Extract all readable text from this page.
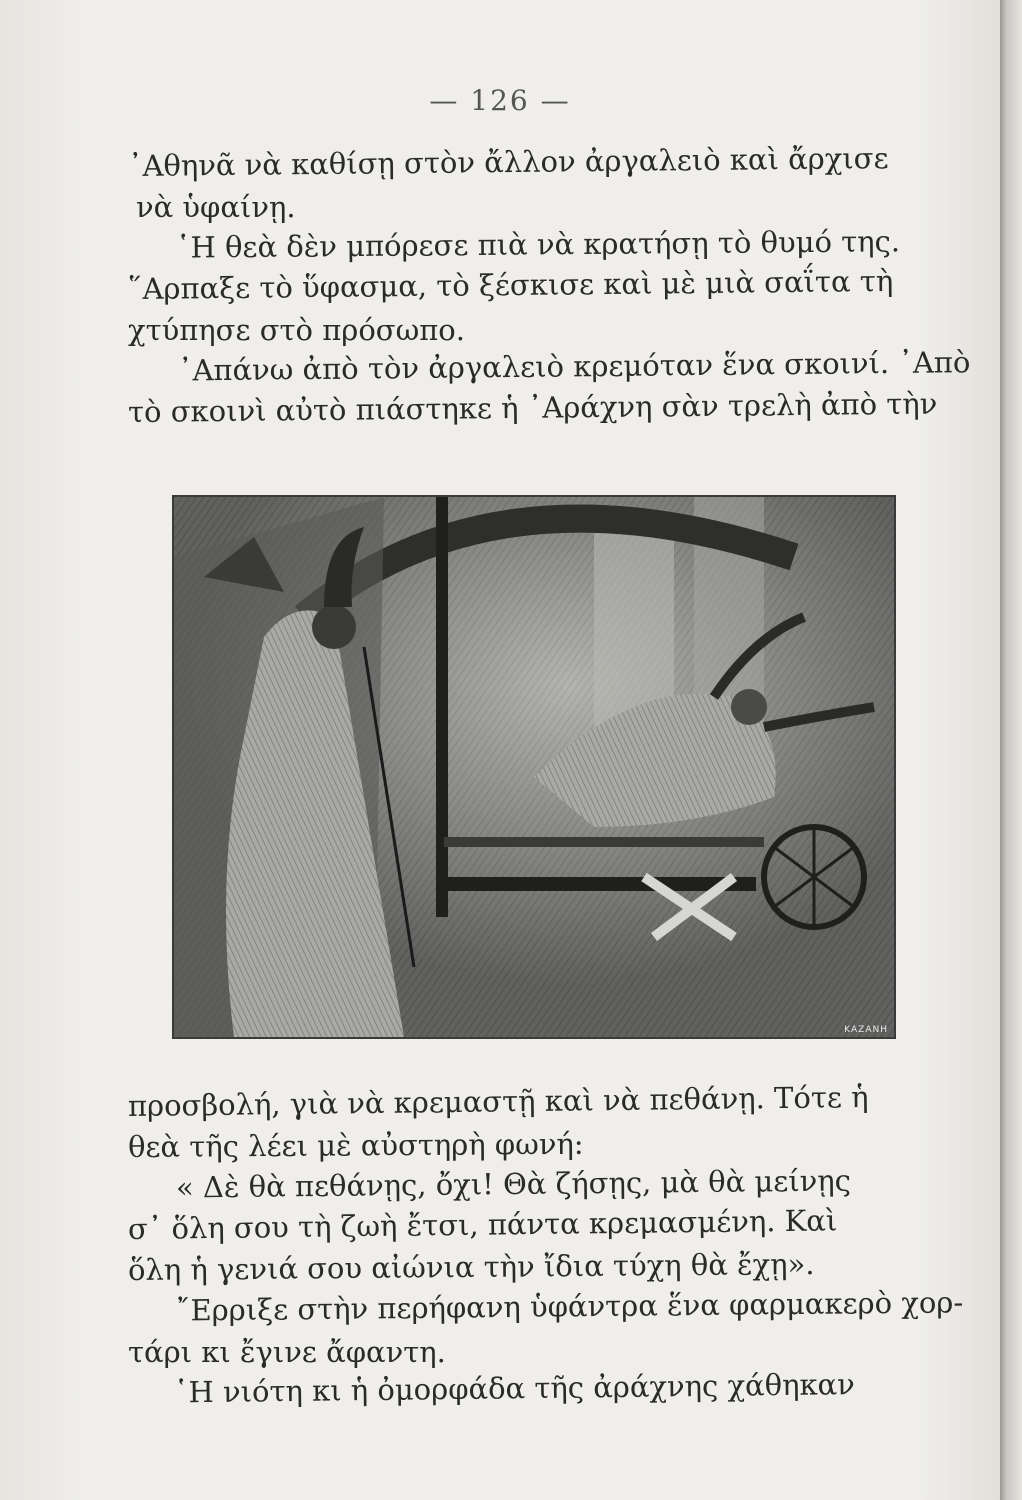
— 126 —
᾿Αθηνᾶ νὰ καθίσῃ στὸν ἄλλον ἀργαλειὸ καὶ ἄρχισε
νὰ ὑφαίνῃ.
῾Η θεὰ δὲν μπόρεσε πιὰ νὰ κρατήσῃ τὸ θυμό της.
῞Αρπαξε τὸ ὕφασμα, τὸ ξέσκισε καὶ μὲ μιὰ σαΐτα τὴ
χτύπησε στὸ πρόσωπο.
᾿Απάνω ἀπὸ τὸν ἀργαλειὸ κρεμόταν ἕνα σκοινί. ᾿Απὸ
τὸ σκοινὶ αὐτὸ πιάστηκε ἡ ᾿Αράχνη σὰν τρελὴ ἀπὸ τὴν
ΚΑΖΑΝΗ
προσβολή, γιὰ νὰ κρεμαστῇ καὶ νὰ πεθάνῃ. Τότε ἡ
θεὰ τῆς λέει μὲ αὐστηρὴ φωνή:
« Δὲ θὰ πεθάνῃς, ὄχι! Θὰ ζήσῃς, μὰ θὰ μείνῃς
σ᾿ ὅλη σου τὴ ζωὴ ἔτσι, πάντα κρεμασμένη. Καὶ
ὅλη ἡ γενιά σου αἰώνια τὴν ἴδια τύχη θὰ ἔχῃ».
῎Ερριξε στὴν περήφανη ὑφάντρα ἕνα φαρμακερὸ χορ-
τάρι κι ἔγινε ἄφαντη.
῾Η νιότη κι ἡ ὀμορφάδα τῆς ἀράχνης χάθηκαν
